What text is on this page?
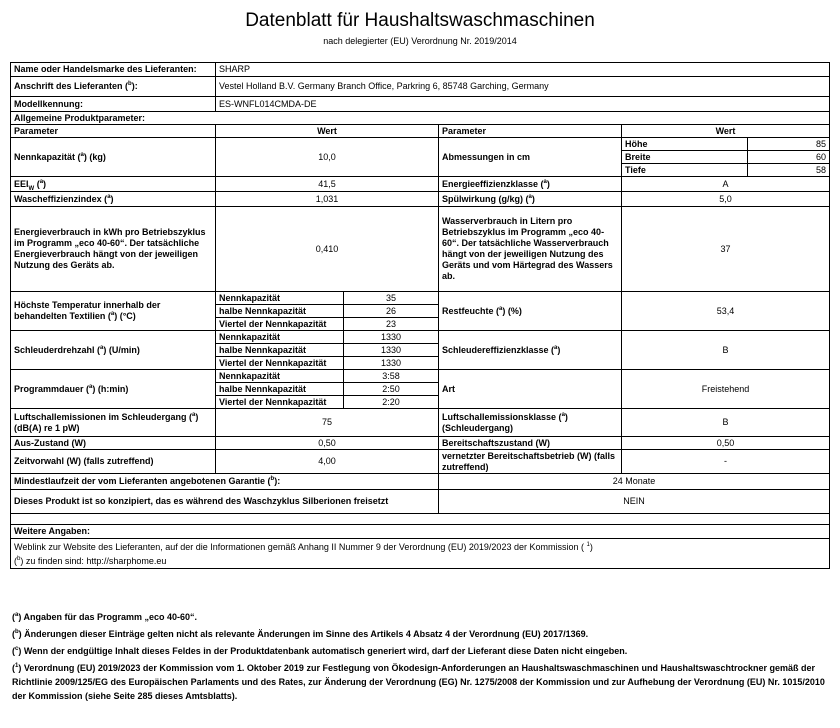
Datenblatt für Haushaltswaschmaschinen
nach delegierter (EU) Verordnung Nr. 2019/2014
Name oder Handelsmarke des Lieferanten:	SHARP				
Anschrift des Lieferanten ($^b$):	Vestel Holland B.V. Germany Branch Office, Parkring 6, 85748 Garching, Germany				
Modellkennung:	ES-WNFL014CMDA-DE				
Allgemeine Produktparameter:					
Parameter	Wert		Parameter	Wert	
Nennkapazität ($^a$) (kg)	10,0		Abmessungen in cm	Höhe	85
				Breite	60
				Tiefe	58
$EEI_W$ ($^a$)	41,5		Energieeffizienzklasse ($^a$)	A	
Wascheffizienzindex ($^a$)	1,031		Spülwirkung (g/kg) ($^a$)	5,0	
Energieverbrauch in kWh pro Betriebszyklus im Programm „eco 40-60“. Der tatsächliche Energieverbrauch hängt von der jeweiligen Nutzung des Geräts ab.	0,410		Wasserverbrauch in Litern pro Betriebszyklus im Programm „eco 40-60“. Der tatsächliche Wasserverbrauch hängt von der jeweiligen Nutzung des Geräts und vom Härtegrad des Wassers ab.	37	
Höchste Temperatur innerhalb der behandelten Textilien ($^a$) (°C)	Nennkapazität	35	Restfeuchte ($^a$) (%)	53,4	
	halbe Nennkapazität	26			
	Viertel der Nennkapazität	23			
Schleuderdrehzahl ($^a$) (U/min)	Nennkapazität	1330	Schleudereffizienzklasse ($^a$)	B	
	halbe Nennkapazität	1330			
	Viertel der Nennkapazität	1330			
Programmdauer ($^a$) (h:min)	Nennkapazität	3:58	Art	Freistehend	
	halbe Nennkapazität	2:50			
	Viertel der Nennkapazität	2:20			
Luftschallemissionen im Schleudergang ($^a$) (dB(A) re 1 pW)	75		Luftschallemissionsklasse ($^a$) (Schleudergang)	B	
Aus-Zustand (W)	0,50		Bereitschaftszustand (W)	0,50	
Zeitvorwahl (W) (falls zutreffend)	4,00		vernetzter Bereitschaftsbetrieb (W) (falls zutreffend)	-	
Mindestlaufzeit der vom Lieferanten angebotenen Garantie ($^b$):			24 Monate		
Dieses Produkt ist so konzipiert, das es während des Waschzyklus Silberionen freisetzt			NEIN		

Weitere Angaben:					
Weblink zur Website des Lieferanten, auf der die Informationen gemäß Anhang II Nummer 9 der Verordnung (EU) 2019/2023 der Kommission ( $^1$)
($^b$) zu finden sind: http://sharphome.eu					

($^a$) Angaben für das Programm „eco 40-60“.

($^b$) Änderungen dieser Einträge gelten nicht als relevante Änderungen im Sinne des Artikels 4 Absatz 4 der Verordnung (EU) 2017/1369.

($^c$) Wenn der endgültige Inhalt dieses Feldes in der Produktdatenbank automatisch generiert wird, darf der Lieferant diese Daten nicht eingeben.

($^1$) Verordnung (EU) 2019/2023 der Kommission vom 1. Oktober 2019 zur Festlegung von Ökodesign-Anforderungen an Haushaltswaschmaschinen und Haushaltswaschtrockner gemäß der Richtlinie 2009/125/EG des Europäischen Parlaments und des Rates, zur Änderung der Verordnung (EG) Nr. 1275/2008 der Kommission und zur Aufhebung der Verordnung (EU) Nr. 1015/2010 der Kommission (siehe Seite 285 dieses Amtsblatts).
